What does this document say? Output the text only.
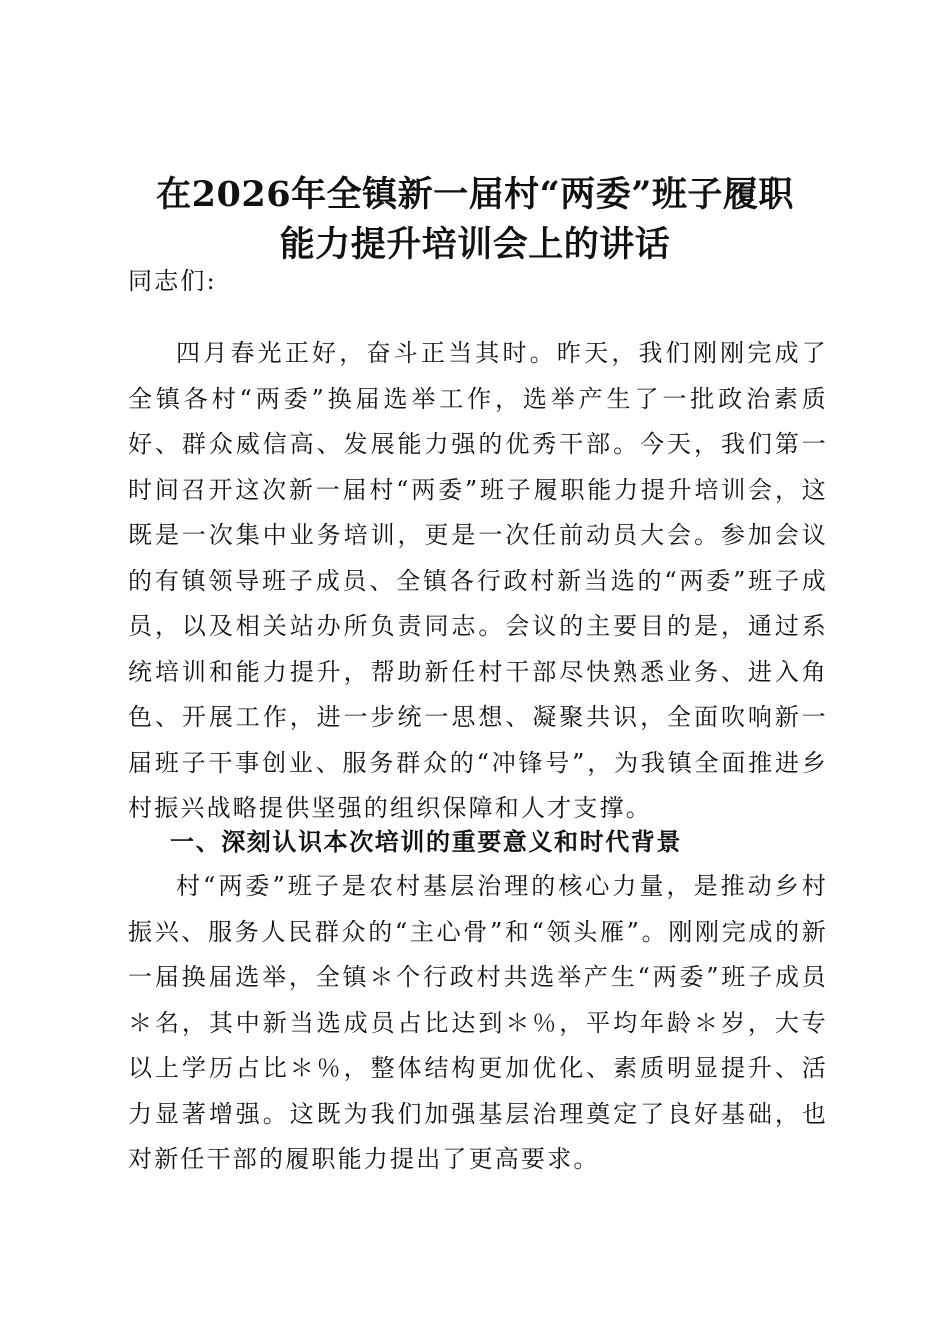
在2026年全镇新一届村“两委”班子履职
能力提升培训会上的讲话

同志们:

四月春光正好，奋斗正当其时。昨天，我们刚刚完成了全镇各村“两委”换届选举工作，选举产生了一批政治素质好、群众威信高、发展能力强的优秀干部。今天，我们第一时间召开这次新一届村“两委”班子履职能力提升培训会，这既是一次集中业务培训，更是一次任前动员大会。参加会议的有镇领导班子成员、全镇各行政村新当选的“两委”班子成员，以及相关站办所负责同志。会议的主要目的是，通过系统培训和能力提升，帮助新任村干部尽快熟悉业务、进入角色、开展工作，进一步统一思想、凝聚共识，全面吹响新一届班子干事创业、服务群众的“冲锋号”，为我镇全面推进乡村振兴战略提供坚强的组织保障和人才支撑。

一、深刻认识本次培训的重要意义和时代背景

村“两委”班子是农村基层治理的核心力量，是推动乡村振兴、服务人民群众的“主心骨”和“领头雁”。刚刚完成的新一届换届选举，全镇＊个行政村共选举产生“两委”班子成员＊名，其中新当选成员占比达到＊％，平均年龄＊岁，大专以上学历占比＊％，整体结构更加优化、素质明显提升、活力显著增强。这既为我们加强基层治理奠定了良好基础，也对新任干部的履职能力提出了更高要求。
